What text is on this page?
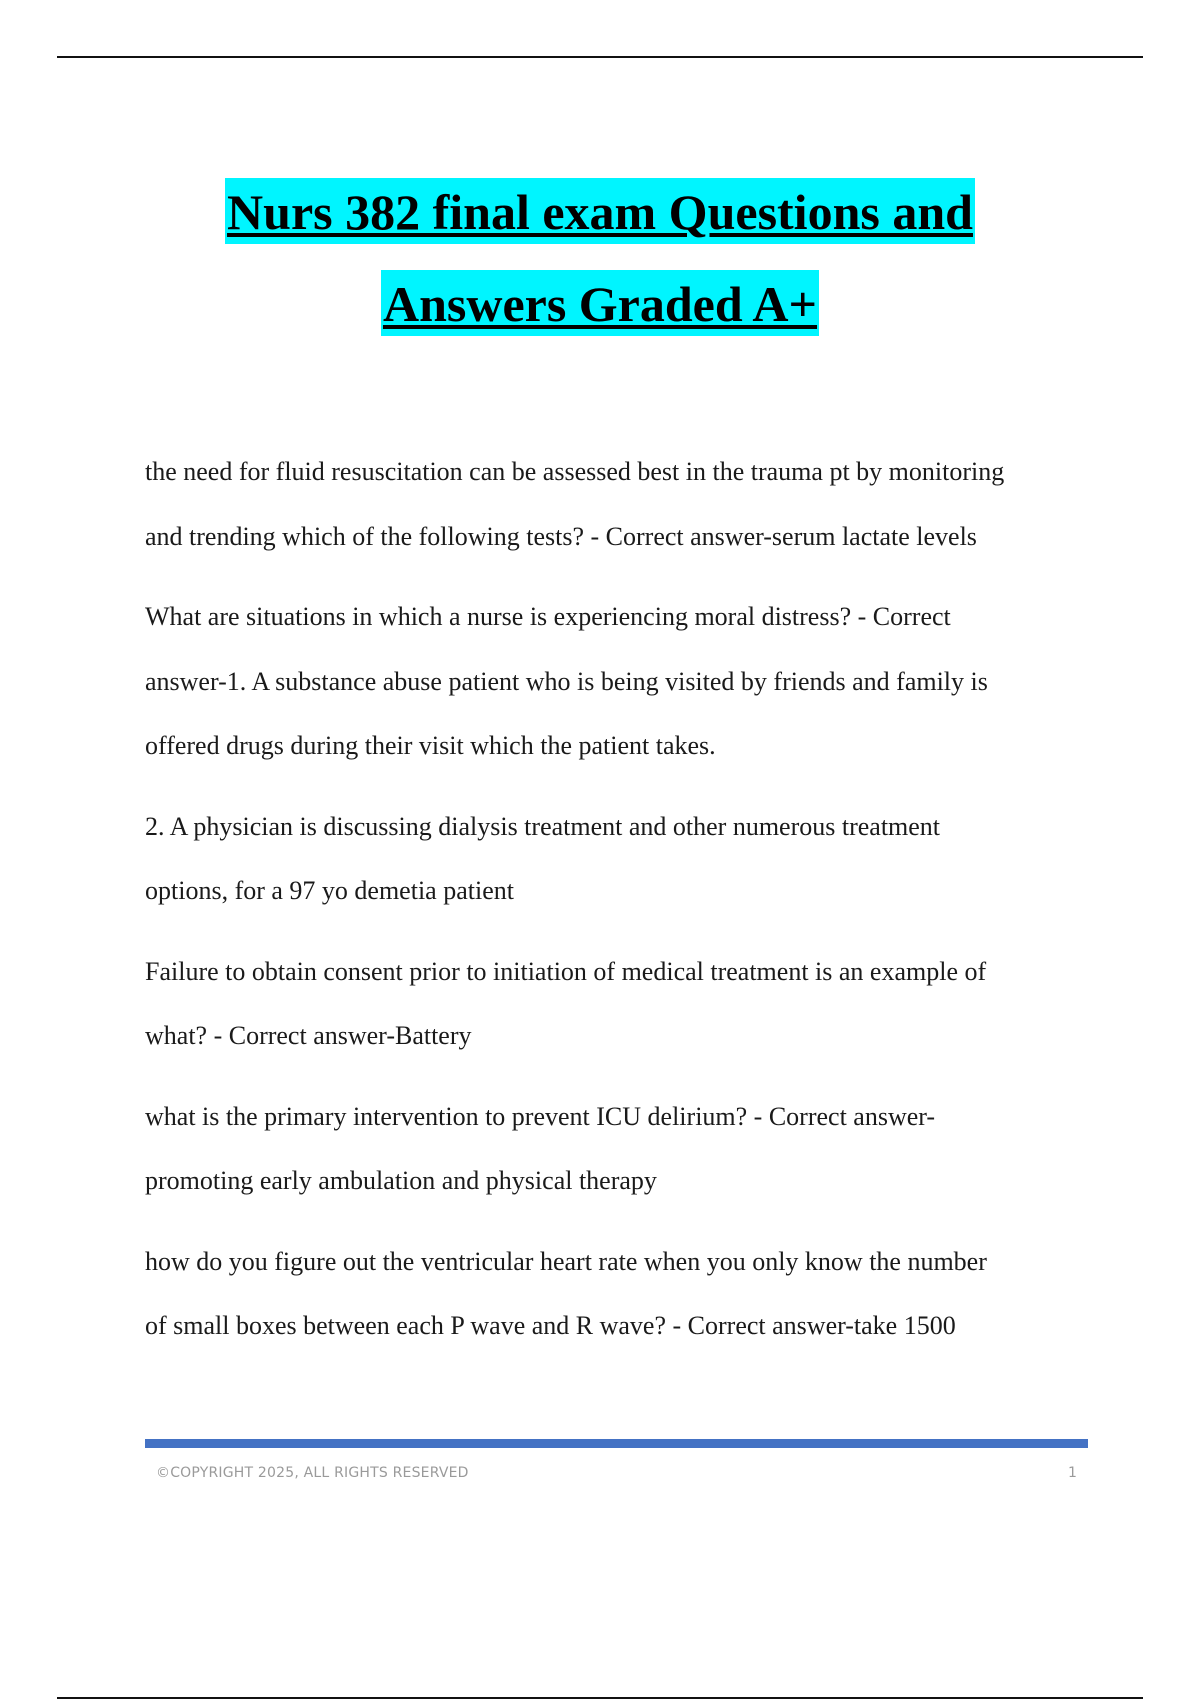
Nurs 382 final exam Questions and
Answers Graded A+

the need for fluid resuscitation can be assessed best in the trauma pt by monitoring

and trending which of the following tests? - Correct answer-serum lactate levels

What are situations in which a nurse is experiencing moral distress? - Correct

answer-1. A substance abuse patient who is being visited by friends and family is

offered drugs during their visit which the patient takes.

2. A physician is discussing dialysis treatment and other numerous treatment

options, for a 97 yo demetia patient

Failure to obtain consent prior to initiation of medical treatment is an example of

what? - Correct answer-Battery

what is the primary intervention to prevent ICU delirium? - Correct answer-

promoting early ambulation and physical therapy

how do you figure out the ventricular heart rate when you only know the number

of small boxes between each P wave and R wave? - Correct answer-take 1500

©COPYRIGHT 2025, ALL RIGHTS RESERVED	1
